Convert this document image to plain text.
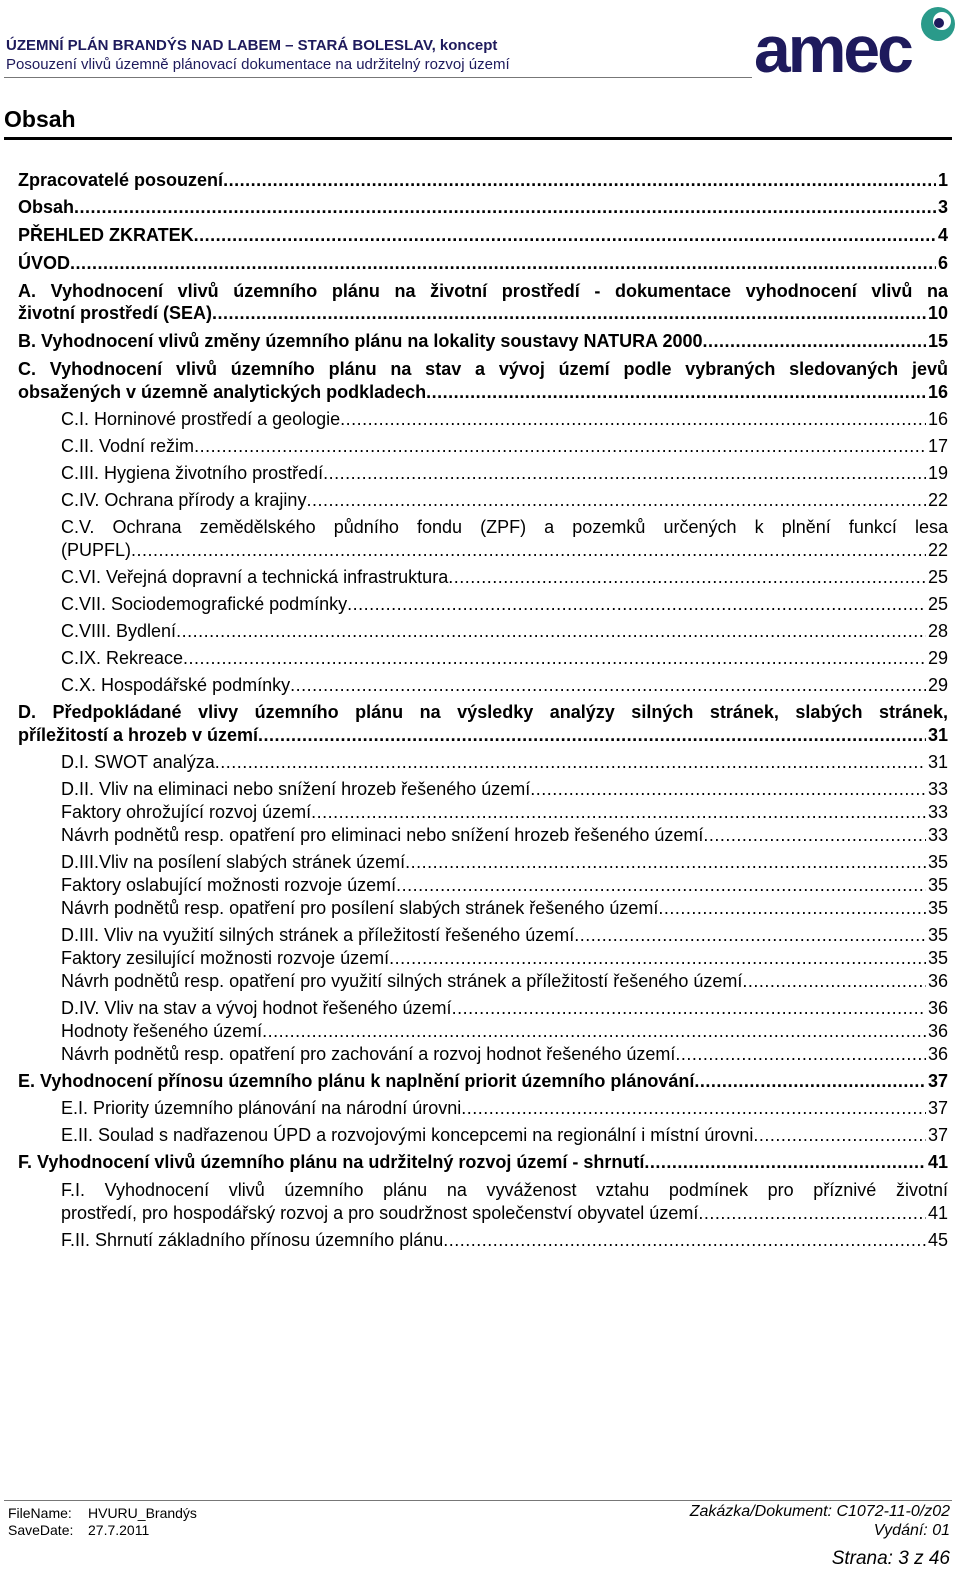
ÚZEMNÍ PLÁN BRANDÝS NAD LABEM – STARÁ BOLESLAV, koncept
Posouzení vlivů územně plánovací dokumentace na udržitelný rozvoj území	amec
Obsah
Zpracovatelé posouzení .....	1
Obsah .....	3
PŘEHLED ZKRATEK .....	4
ÚVOD .....	6
A. Vyhodnocení vlivů územního plánu na životní prostředí - dokumentace vyhodnocení vlivů na
životní prostředí (SEA) .....	10
B. Vyhodnocení vlivů změny územního plánu na lokality soustavy NATURA 2000 .....	15
C. Vyhodnocení vlivů územního plánu na stav a vývoj území podle vybraných sledovaných jevů
obsažených v územně analytických podkladech .....	16
C.I. Horninové prostředí a geologie .....	16
C.II. Vodní režim .....	17
C.III. Hygiena životního prostředí .....	19
C.IV. Ochrana přírody a krajiny .....	22
C.V. Ochrana zemědělského půdního fondu (ZPF) a pozemků určených k plnění funkcí lesa
(PUPFL) .....	22
C.VI. Veřejná dopravní a technická infrastruktura .....	25
C.VII. Sociodemografické podmínky .....	25
C.VIII. Bydlení .....	28
C.IX. Rekreace .....	29
C.X. Hospodářské podmínky .....	29
D. Předpokládané vlivy územního plánu na výsledky analýzy silných stránek, slabých stránek,
příležitostí a hrozeb v území .....	31
D.I. SWOT analýza .....	31
D.II. Vliv na eliminaci nebo snížení hrozeb řešeného území .....	33
Faktory ohrožující rozvoj území .....	33
Návrh podnětů resp. opatření pro eliminaci nebo snížení hrozeb řešeného území .....	33
D.III.Vliv na posílení slabých stránek území .....	35
Faktory oslabující možnosti rozvoje území .....	35
Návrh podnětů resp. opatření pro posílení slabých stránek řešeného území .....	35
D.III. Vliv na využití silných stránek a příležitostí řešeného území .....	35
Faktory zesilující možnosti rozvoje území .....	35
Návrh podnětů resp. opatření pro využití silných stránek a příležitostí řešeného území .....	36
D.IV. Vliv na stav a vývoj hodnot řešeného území .....	36
Hodnoty řešeného území .....	36
Návrh podnětů resp. opatření pro zachování a rozvoj hodnot řešeného území .....	36
E. Vyhodnocení přínosu územního plánu k naplnění priorit územního plánování .....	37
E.I. Priority územního plánování na národní úrovni .....	37
E.II. Soulad s nadřazenou ÚPD a rozvojovými koncepcemi na regionální i místní úrovni .....	37
F. Vyhodnocení vlivů územního plánu na udržitelný rozvoj území - shrnutí .....	41
F.I. Vyhodnocení vlivů územního plánu na vyváženost vztahu podmínek pro příznivé životní
prostředí, pro hospodářský rozvoj a pro soudržnost společenství obyvatel území .....	41
F.II. Shrnutí základního přínosu územního plánu .....	45
FileName: HVURU_Brandýs
SaveDate: 27.7.2011
Zakázka/Dokument: C1072-11-0/z02
Vydání: 01
Strana: 3 z 46
